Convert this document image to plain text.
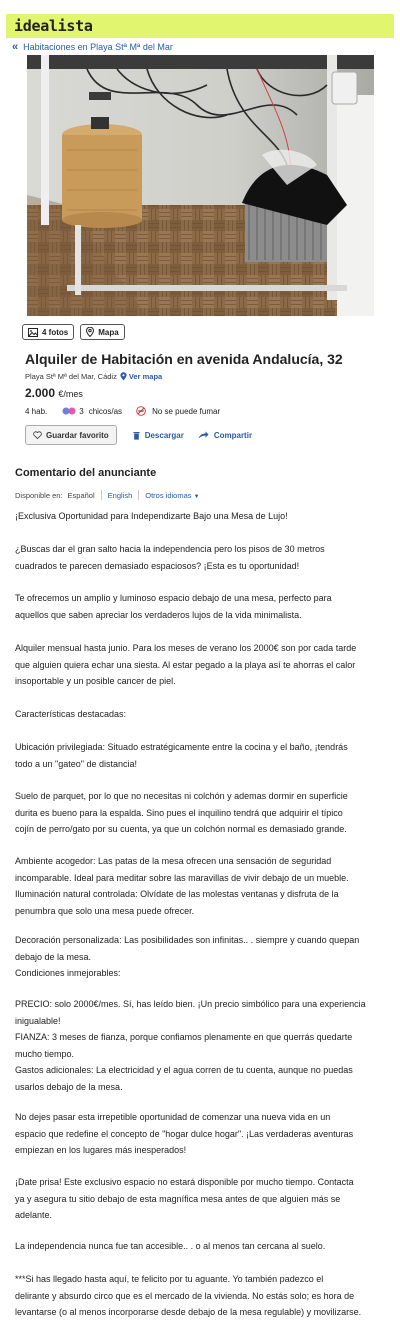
idealista
« Habitaciones en Playa Stª Mª del Mar
4 fotos	Mapa
Alquiler de Habitación en avenida Andalucía, 32
Playa Stª Mª del Mar, Cádiz Ver mapa
2.000 €/mes
4 hab.	3 chicos/as	No se puede fumar
Guardar favorito	Descargar	Compartir
Comentario del anunciante
Disponible en: Español English Otros idiomas ▼

¡Exclusiva Oportunidad para Independizarte Bajo una Mesa de Lujo!

¿Buscas dar el gran salto hacia la independencia pero los pisos de 30 metros

cuadrados te parecen demasiado espaciosos? ¡Esta es tu oportunidad!

Te ofrecemos un amplio y luminoso espacio debajo de una mesa, perfecto para

aquellos que saben apreciar los verdaderos lujos de la vida minimalista.

Alquiler mensual hasta junio. Para los meses de verano los 2000€ son por cada tarde

que alguien quiera echar una siesta. Al estar pegado a la playa así te ahorras el calor

insoportable y un posible cancer de piel.

Características destacadas:

Ubicación privilegiada: Situado estratégicamente entre la cocina y el baño, ¡tendrás

todo a un "gateo" de distancia!

Suelo de parquet, por lo que no necesitas ni colchón y ademas dormir en superficie

durita es bueno para la espalda. Sino pues el inquilino tendrá que adquirir el típico

cojín de perro/gato por su cuenta, ya que un colchón normal es demasiado grande.

Ambiente acogedor: Las patas de la mesa ofrecen una sensación de seguridad

incomparable. Ideal para meditar sobre las maravillas de vivir debajo de un mueble.

Iluminación natural controlada: Olvídate de las molestas ventanas y disfruta de la

penumbra que solo una mesa puede ofrecer.

Decoración personalizada: Las posibilidades son infinitas.. . siempre y cuando quepan

debajo de la mesa.

Condiciones inmejorables:

PRECIO: solo 2000€/mes. Sí, has leído bien. ¡Un precio simbólico para una experiencia

inigualable!

FIANZA: 3 meses de fianza, porque confiamos plenamente en que querrás quedarte

mucho tiempo.

Gastos adicionales: La electricidad y el agua corren de tu cuenta, aunque no puedas

usarlos debajo de la mesa.

No dejes pasar esta irrepetible oportunidad de comenzar una nueva vida en un

espacio que redefine el concepto de "hogar dulce hogar". ¡Las verdaderas aventuras

empiezan en los lugares más inesperados!

¡Date prisa! Este exclusivo espacio no estará disponible por mucho tiempo. Contacta

ya y asegura tu sitio debajo de esta magnífica mesa antes de que alguien más se

adelante.

La independencia nunca fue tan accesible.. . o al menos tan cercana al suelo.

***Si has llegado hasta aquí, te felicito por tu aguante. Yo también padezco el

delirante y absurdo circo que es el mercado de la vivienda. No estás solo; es hora de

levantarse (o al menos incorporarse desde debajo de la mesa regulable) y movilizarse.
